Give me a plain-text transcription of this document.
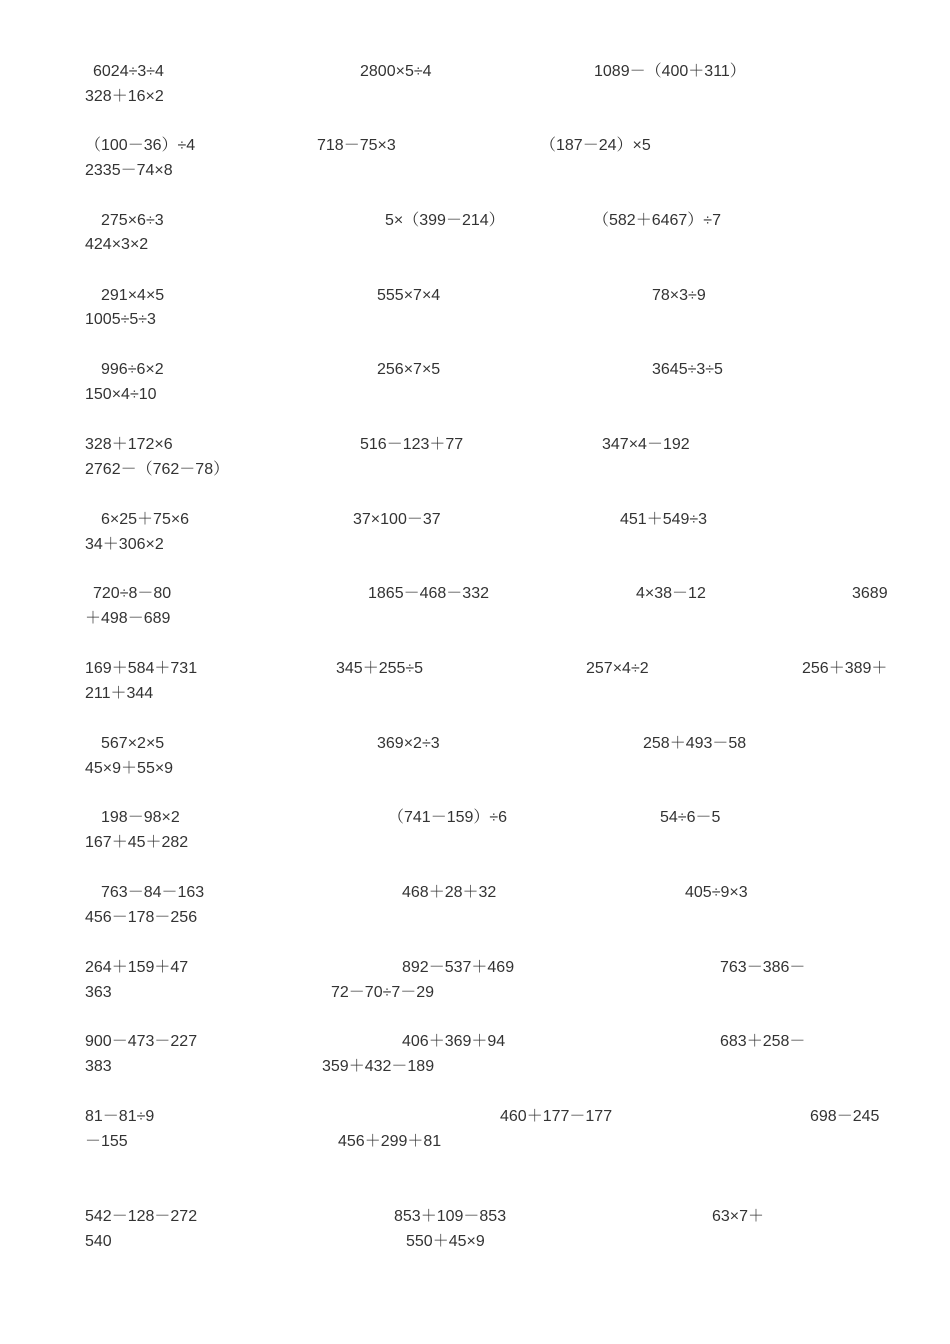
6024÷3÷4	2800×5÷4	1089－（400＋311）
328＋16×2
（100－36）÷4	718－75×3	（187－24）×5
2335－74×8
275×6÷3	5×（399－214）	（582＋6467）÷7
424×3×2
291×4×5	555×7×4	78×3÷9
1005÷5÷3
996÷6×2	256×7×5	3645÷3÷5
150×4÷10
328＋172×6	516－123＋77	347×4－192
2762－（762－78）
6×25＋75×6	37×100－37	451＋549÷3
34＋306×2
720÷8－80	1865－468－332	4×38－12	3689
＋498－689
169＋584＋731	345＋255÷5	257×4÷2	256＋389＋
211＋344
567×2×5	369×2÷3	258＋493－58
45×9＋55×9
198－98×2	（741－159）÷6	54÷6－5
167＋45＋282
763－84－163	468＋28＋32	405÷9×3
456－178－256
264＋159＋47	892－537＋469	763－386－
363	72－70÷7－29
900－473－227	406＋369＋94	683＋258－
383	359＋432－189
81－81÷9	460＋177－177	698－245
－155	456＋299＋81
542－128－272	853＋109－853	63×7＋
540	550＋45×9
